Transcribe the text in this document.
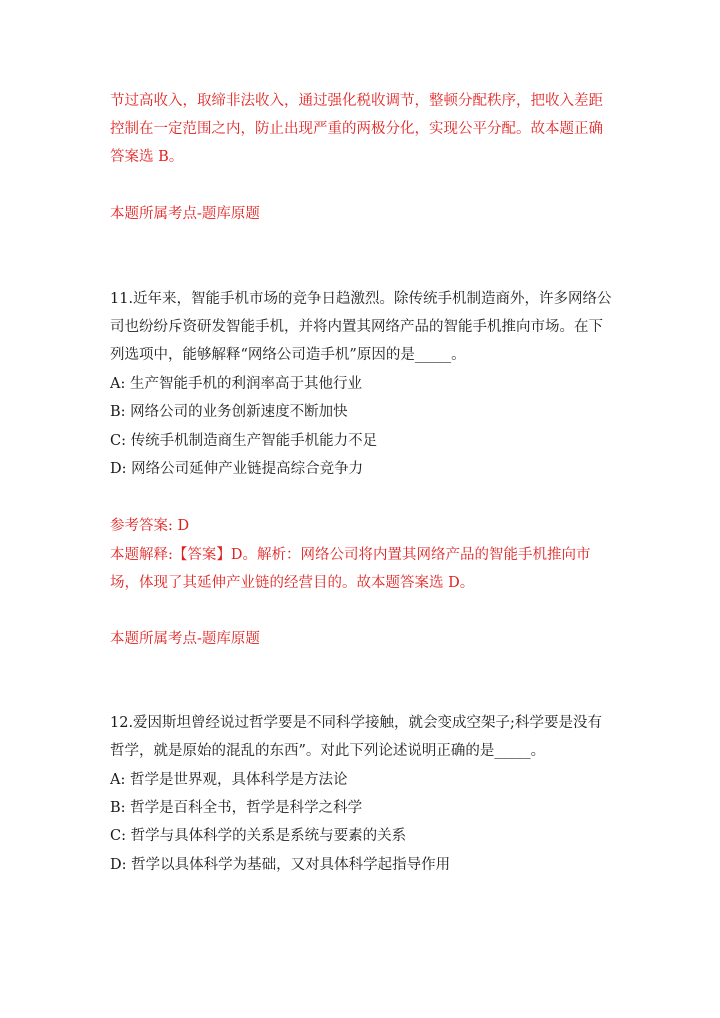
节过高收入，取缔非法收入，通过强化税收调节，整顿分配秩序，把收入差距
控制在一定范围之内，防止出现严重的两极分化，实现公平分配。故本题正确
答案选 B。
本题所属考点-题库原题
11.近年来，智能手机市场的竞争日趋激烈。除传统手机制造商外，许多网络公
司也纷纷斥资研发智能手机，并将内置其网络产品的智能手机推向市场。在下
列选项中，能够解释“网络公司造手机”原因的是_____。
A: 生产智能手机的利润率高于其他行业
B: 网络公司的业务创新速度不断加快
C: 传统手机制造商生产智能手机能力不足
D: 网络公司延伸产业链提高综合竞争力
参考答案: D
本题解释:【答案】D。解析：网络公司将内置其网络产品的智能手机推向市
场，体现了其延伸产业链的经营目的。故本题答案选 D。
本题所属考点-题库原题
12.爱因斯坦曾经说过哲学要是不同科学接触，就会变成空架子;科学要是没有
哲学，就是原始的混乱的东西”。对此下列论述说明正确的是_____。
A: 哲学是世界观，具体科学是方法论
B: 哲学是百科全书，哲学是科学之科学
C: 哲学与具体科学的关系是系统与要素的关系
D: 哲学以具体科学为基础，又对具体科学起指导作用
